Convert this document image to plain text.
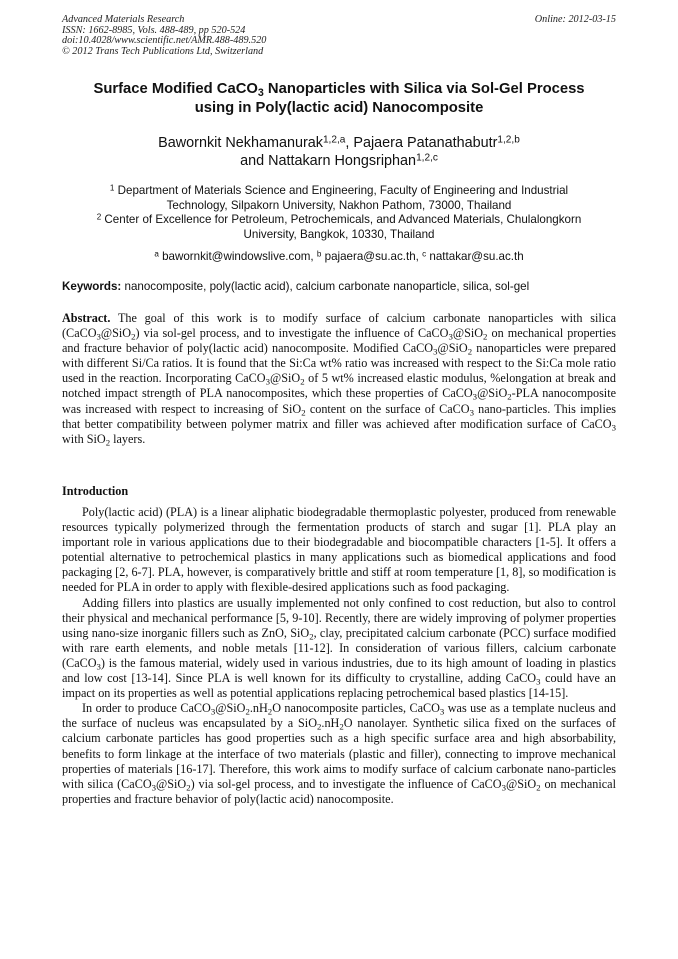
Advanced Materials Research
ISSN: 1662-8985, Vols. 488-489, pp 520-524
doi:10.4028/www.scientific.net/AMR.488-489.520
© 2012 Trans Tech Publications Ltd, Switzerland
Online: 2012-03-15
Surface Modified CaCO$_3$ Nanoparticles with Silica via Sol-Gel Process
using in Poly(lactic acid) Nanocomposite
Bawornkit Nekhamanurak$^{1,2,a}$, Pajaera Patanathabutr$^{1,2,b}$
and Nattakarn Hongsriphan$^{1,2,c}$
$^1$ Department of Materials Science and Engineering, Faculty of Engineering and Industrial
Technology, Silpakorn University, Nakhon Pathom, 73000, Thailand
$^2$ Center of Excellence for Petroleum, Petrochemicals, and Advanced Materials, Chulalongkorn
University, Bangkok, 10330, Thailand
$^a$ bawornkit@windowslive.com, $^b$ pajaera@su.ac.th, $^c$ nattakar@su.ac.th
Keywords: nanocomposite, poly(lactic acid), calcium carbonate nanoparticle, silica, sol-gel
Abstract. The goal of this work is to modify surface of calcium carbonate nanoparticles with silica (CaCO$_3$@SiO$_2$) via sol-gel process, and to investigate the influence of CaCO$_3$@SiO$_2$ on mechanical properties and fracture behavior of poly(lactic acid) nanocomposite. Modified CaCO$_3$@SiO$_2$ nanoparticles were prepared with different Si/Ca ratios. It is found that the Si:Ca wt% ratio was increased with respect to the Si:Ca mole ratio used in the reaction. Incorporating CaCO$_3$@SiO$_2$ of 5 wt% increased elastic modulus, %elongation at break and notched impact strength of PLA nanocomposites, which these properties of CaCO$_3$@SiO$_2$-PLA nanocomposite was increased with respect to increasing of SiO$_2$ content on the surface of CaCO$_3$ nano-particles. This implies that better compatibility between polymer matrix and filler was achieved after modification surface of CaCO$_3$ with SiO$_2$ layers.
Introduction

Poly(lactic acid) (PLA) is a linear aliphatic biodegradable thermoplastic polyester, produced from renewable resources typically polymerized through the fermentation products of starch and sugar [1]. PLA play an important role in various applications due to their biodegradable and biocompatible characters [1-5]. It offers a potential alternative to petrochemical plastics in many applications such as biomedical applications and food packaging [2, 6-7]. PLA, however, is comparatively brittle and stiff at room temperature [1, 8], so modification is needed for PLA in order to apply with flexible-desired applications such as food packaging.

Adding fillers into plastics are usually implemented not only confined to cost reduction, but also to control their physical and mechanical performance [5, 9-10]. Recently, there are widely improving of polymer properties using nano-size inorganic fillers such as ZnO, SiO$_2$, clay, precipitated calcium carbonate (PCC) surface modified with rare earth elements, and noble metals [11-12]. In consideration of various fillers, calcium carbonate (CaCO$_3$) is the famous material, widely used in various industries, due to its high amount of loading in plastics and low cost [13-14]. Since PLA is well known for its difficulty to crystalline, adding CaCO$_3$ could have an impact on its properties as well as potential applications replacing petrochemical based plastics [14-15].

In order to produce $CaCO_3@SiO_2.nH_2O$ nanocomposite particles, CaCO$_3$ was use as a template nucleus and the surface of nucleus was encapsulated by a $SiO_2.nH_2O$ nanolayer. Synthetic silica fixed on the surfaces of calcium carbonate particles has good properties such as a high specific surface area and high absorbability, benefits to form linkage at the interface of two materials (plastic and filler), connecting to improve mechanical properties of materials [16-17]. Therefore, this work aims to modify surface of calcium carbonate nano-particles with silica (CaCO$_3$@SiO$_2$) via sol-gel process, and to investigate the influence of CaCO$_3$@SiO$_2$ on mechanical properties and fracture behavior of poly(lactic acid) nanocomposite.
